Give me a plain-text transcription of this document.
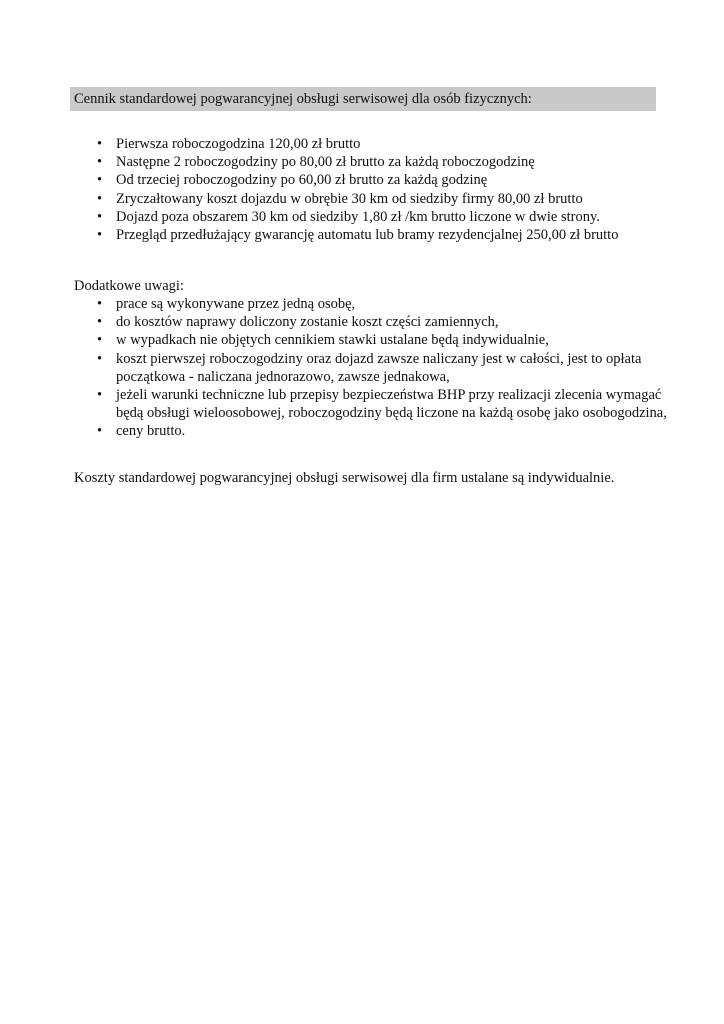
Cennik standardowej pogwarancyjnej obsługi serwisowej dla osób fizycznych:
• Pierwsza roboczogodzina 120,00 zł brutto
• Następne 2 roboczogodziny po 80,00 zł brutto za każdą roboczogodzinę
• Od trzeciej roboczogodziny po 60,00 zł brutto za każdą godzinę
• Zryczałtowany koszt dojazdu w obrębie 30 km od siedziby firmy 80,00 zł brutto
• Dojazd poza obszarem 30 km od siedziby 1,80 zł /km brutto liczone w dwie strony.
• Przegląd przedłużający gwarancję automatu lub bramy rezydencjalnej 250,00 zł brutto
Dodatkowe uwagi:
• prace są wykonywane przez jedną osobę,
• do kosztów naprawy doliczony zostanie koszt części zamiennych,
• w wypadkach nie objętych cennikiem stawki ustalane będą indywidualnie,
• koszt pierwszej roboczogodziny oraz dojazd zawsze naliczany jest w całości, jest to opłata początkowa - naliczana jednorazowo, zawsze jednakowa,
• jeżeli warunki techniczne lub przepisy bezpieczeństwa BHP przy realizacji zlecenia wymagać będą obsługi wieloosobowej, roboczogodziny będą liczone na każdą osobę jako osobogodzina,
• ceny brutto.
Koszty standardowej pogwarancyjnej obsługi serwisowej dla firm ustalane są indywidualnie.
